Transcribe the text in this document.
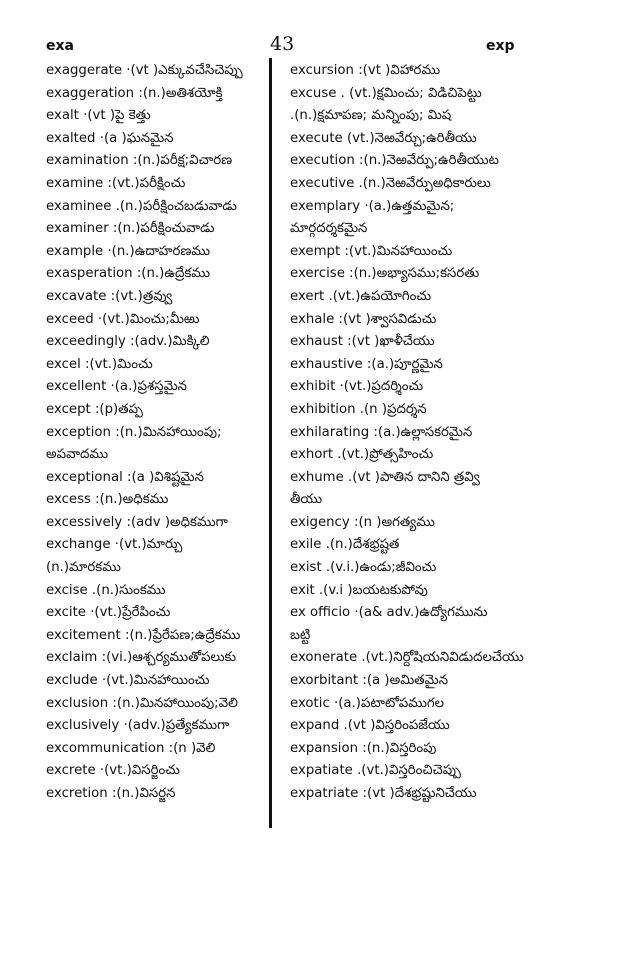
exa	43	exp
exaggerate ·(vt )ఎక్కువచేసిచెప్పు
exaggeration :(n.)అతిశయోక్తి
exalt ·(vt )పై కెత్తు
exalted ·(a )ఘనమైన
examination :(n.)పరీక్ష;విచారణ
examine :(vt.)పరీక్షించు
examinee .(n.)పరీక్షించబడువాడు
examiner :(n.)పరీక్షించువాడు
example ·(n.)ఉదాహరణము
exasperation :(n.)ఉద్రేకము
excavate :(vt.)త్రవ్వు
exceed ·(vt.)మించు;మీఱు
exceedingly :(adv.)మిక్కిలి
excel :(vt.)మించు
excellent ·(a.)ప్రశస్తమైన
except :(p)తప్ప
exception :(n.)మినహాయింపు;
అపవాదము
exceptional :(a )విశిష్టమైన
excess :(n.)అధికము
excessively :(adv )అధికముగా
exchange ·(vt.)మార్చు
(n.)మారకము
excise .(n.)సుంకము
excite ·(vt.)ప్రేరేపించు
excitement :(n.)ప్రేరేపణ;ఉద్రేకము
exclaim :(vi.)ఆశ్చర్యముతోపలుకు
exclude ·(vt.)మినహాయించు
exclusion :(n.)మినహాయింపు;వెలి
exclusively ·(adv.)ప్రత్యేకముగా
excommunication :(n )వెలి
excrete ·(vt.)విసర్జించు
excretion :(n.)విసర్జన
excursion :(vt )విహారము
excuse . (vt.)క్షమించు; విడిచిపెట్టు
.(n.)క్షమాపణ; మన్నింపు; మిష
execute (vt.)నెఱవేర్చు;ఉరితీయు
execution :(n.)నెఱవేర్పు;ఉరితీయుట
executive .(n.)నెఱవేర్పుఅధికారులు
exemplary ·(a.)ఉత్తమమైన;
మార్గదర్శకమైన
exempt :(vt.)మినహాయించు
exercise :(n.)అభ్యాసము;కసరతు
exert .(vt.)ఉపయోగించు
exhale :(vt )శ్వాసవిడుచు
exhaust :(vt )ఖాళీచేయు
exhaustive :(a.)పూర్ణమైన
exhibit ·(vt.)ప్రదర్శించు
exhibition .(n )ప్రదర్శన
exhilarating :(a.)ఉల్లాసకరమైన
exhort .(vt.)ప్రోత్సహించు
exhume .(vt )పాతిన దానిని త్రవ్వి
తీయు
exigency :(n )అగత్యము
exile .(n.)దేశభ్రష్టత
exist .(v.i.)ఉండు;జీవించు
exit .(v.i )బయటకుపోవు
ex officio ·(a& adv.)ఉద్యోగమును
బట్టి
exonerate .(vt.)నిర్దోషియనివిడుదలచేయు
exorbitant :(a )అమితమైన
exotic ·(a.)పటాటోపముగల
expand .(vt )విస్తరింపజేయు
expansion :(n.)విస్తరింపు
expatiate .(vt.)విస్తరించిచెప్పు
expatriate :(vt )దేశభ్రష్టునిచేయు
